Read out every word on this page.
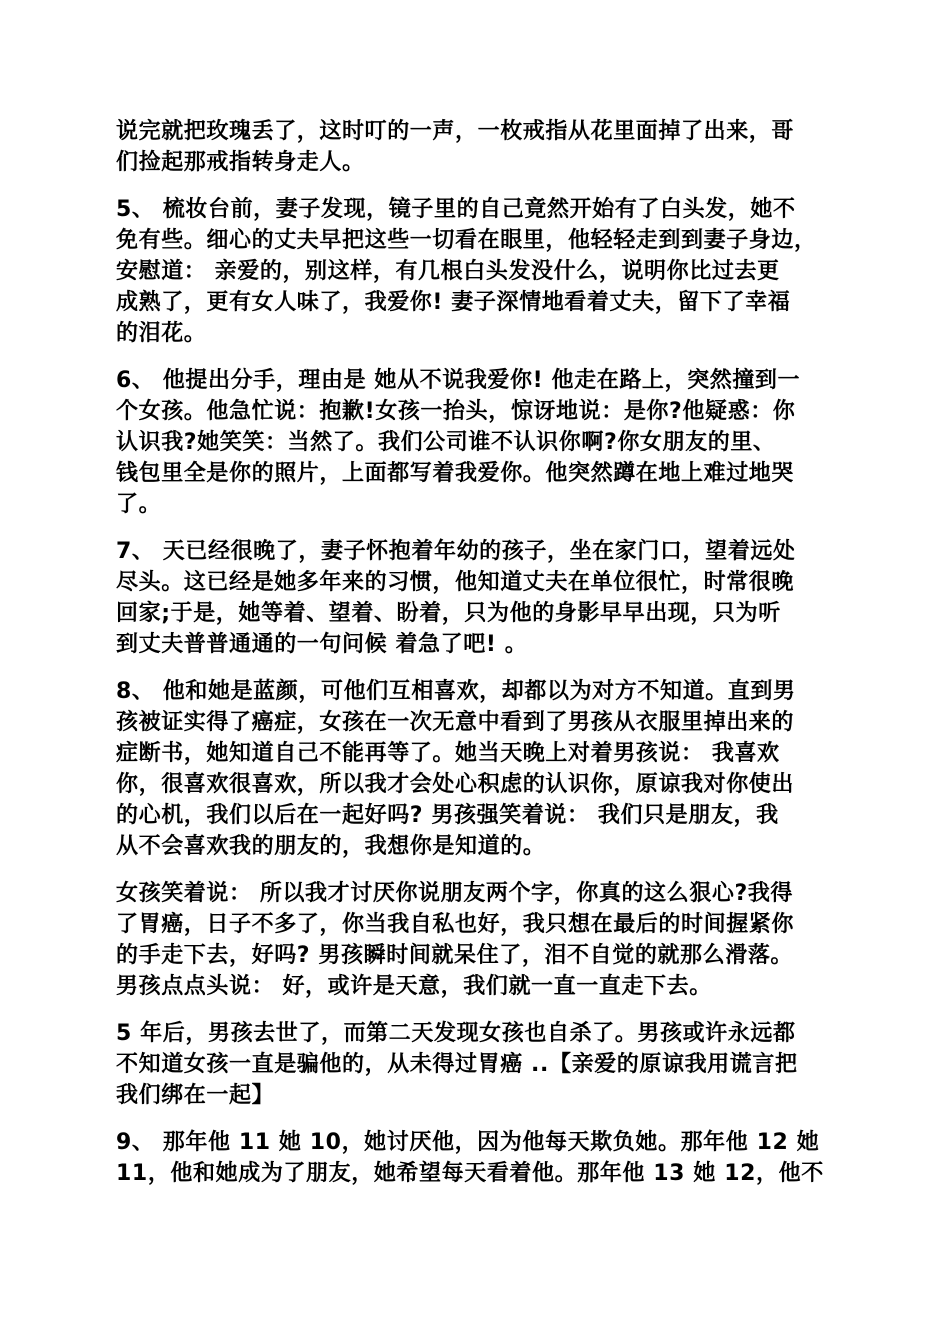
说完就把玫瑰丢了，这时叮的一声，一枚戒指从花里面掉了出来，哥
们捡起那戒指转身走人。

5、 梳妆台前，妻子发现，镜子里的自己竟然开始有了白头发，她不
免有些。细心的丈夫早把这些一切看在眼里，他轻轻走到到妻子身边，
安慰道： 亲爱的，别这样，有几根白头发没什么，说明你比过去更
成熟了，更有女人味了，我爱你! 妻子深情地看着丈夫，留下了幸福
的泪花。

6、 他提出分手，理由是 她从不说我爱你! 他走在路上，突然撞到一
个女孩。他急忙说：抱歉!女孩一抬头，惊讶地说：是你?他疑惑：你
认识我?她笑笑：当然了。我们公司谁不认识你啊?你女朋友的里、
钱包里全是你的照片，上面都写着我爱你。他突然蹲在地上难过地哭
了。

7、 天已经很晚了，妻子怀抱着年幼的孩子，坐在家门口，望着远处
尽头。这已经是她多年来的习惯，他知道丈夫在单位很忙，时常很晚
回家;于是，她等着、望着、盼着，只为他的身影早早出现，只为听
到丈夫普普通通的一句问候 着急了吧! 。

8、 他和她是蓝颜，可他们互相喜欢，却都以为对方不知道。直到男
孩被证实得了癌症，女孩在一次无意中看到了男孩从衣服里掉出来的
症断书，她知道自己不能再等了。她当天晚上对着男孩说： 我喜欢
你，很喜欢很喜欢，所以我才会处心积虑的认识你，原谅我对你使出
的心机，我们以后在一起好吗? 男孩强笑着说： 我们只是朋友，我
从不会喜欢我的朋友的，我想你是知道的。

女孩笑着说： 所以我才讨厌你说朋友两个字，你真的这么狠心?我得
了胃癌，日子不多了，你当我自私也好，我只想在最后的时间握紧你
的手走下去，好吗? 男孩瞬时间就呆住了，泪不自觉的就那么滑落。
男孩点点头说： 好，或许是天意，我们就一直一直走下去。

5 年后，男孩去世了，而第二天发现女孩也自杀了。男孩或许永远都
不知道女孩一直是骗他的，从未得过胃癌 ..【亲爱的原谅我用谎言把
我们绑在一起】

9、 那年他 11 她 10，她讨厌他，因为他每天欺负她。那年他 12 她
11，他和她成为了朋友，她希望每天看着他。那年他 13 她 12，他不
